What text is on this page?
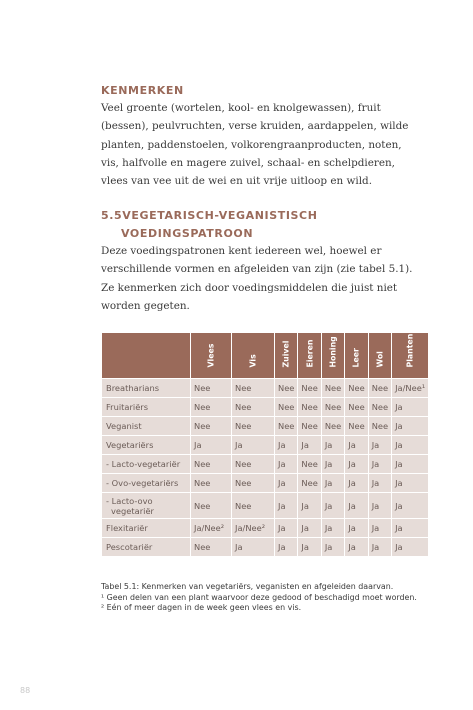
KENMERKEN
Veel groente (wortelen, kool- en knolgewassen), fruit
(bessen), peulvruchten, verse kruiden, aardappelen, wilde
planten, paddenstoelen, volkorengraanproducten, noten,
vis, halfvolle en magere zuivel, schaal- en schelpdieren,
vlees van vee uit de wei en uit vrije uitloop en wild.
5.5VEGETARISCH-VEGANISTISCH
VOEDINGSPATROON
Deze voedingspatronen kent iedereen wel, hoewel er
verschillende vormen en afgeleiden van zijn (zie tabel 5.1).
Ze kenmerken zich door voedingsmiddelen die juist niet
worden gegeten.

	Vlees	Vis	Zuivel	Eieren	Honing	Leer	Wol	Planten

Breatharians	Nee	Nee	Nee	Nee	Nee	Nee	Nee	Ja/Nee¹
Fruitariërs	Nee	Nee	Nee	Nee	Nee	Nee	Nee	Ja
Veganist	Nee	Nee	Nee	Nee	Nee	Nee	Nee	Ja
Vegetariërs	Ja	Ja	Ja	Ja	Ja	Ja	Ja	Ja
- Lacto-vegetariër	Nee	Nee	Ja	Nee	Ja	Ja	Ja	Ja
- Ovo-vegetariërs	Nee	Nee	Ja	Nee	Ja	Ja	Ja	Ja
- Lacto-ovo
vegetariër	Nee	Nee	Ja	Ja	Ja	Ja	Ja	Ja
Flexitariër	Ja/Nee²	Ja/Nee²	Ja	Ja	Ja	Ja	Ja	Ja
Pescotariër	Nee	Ja	Ja	Ja	Ja	Ja	Ja	Ja
Tabel 5.1: Kenmerken van vegetariërs, veganisten en afgeleiden daarvan.
¹ Geen delen van een plant waarvoor deze gedood of beschadigd moet worden.
² Eén of meer dagen in de week geen vlees en vis.
88
